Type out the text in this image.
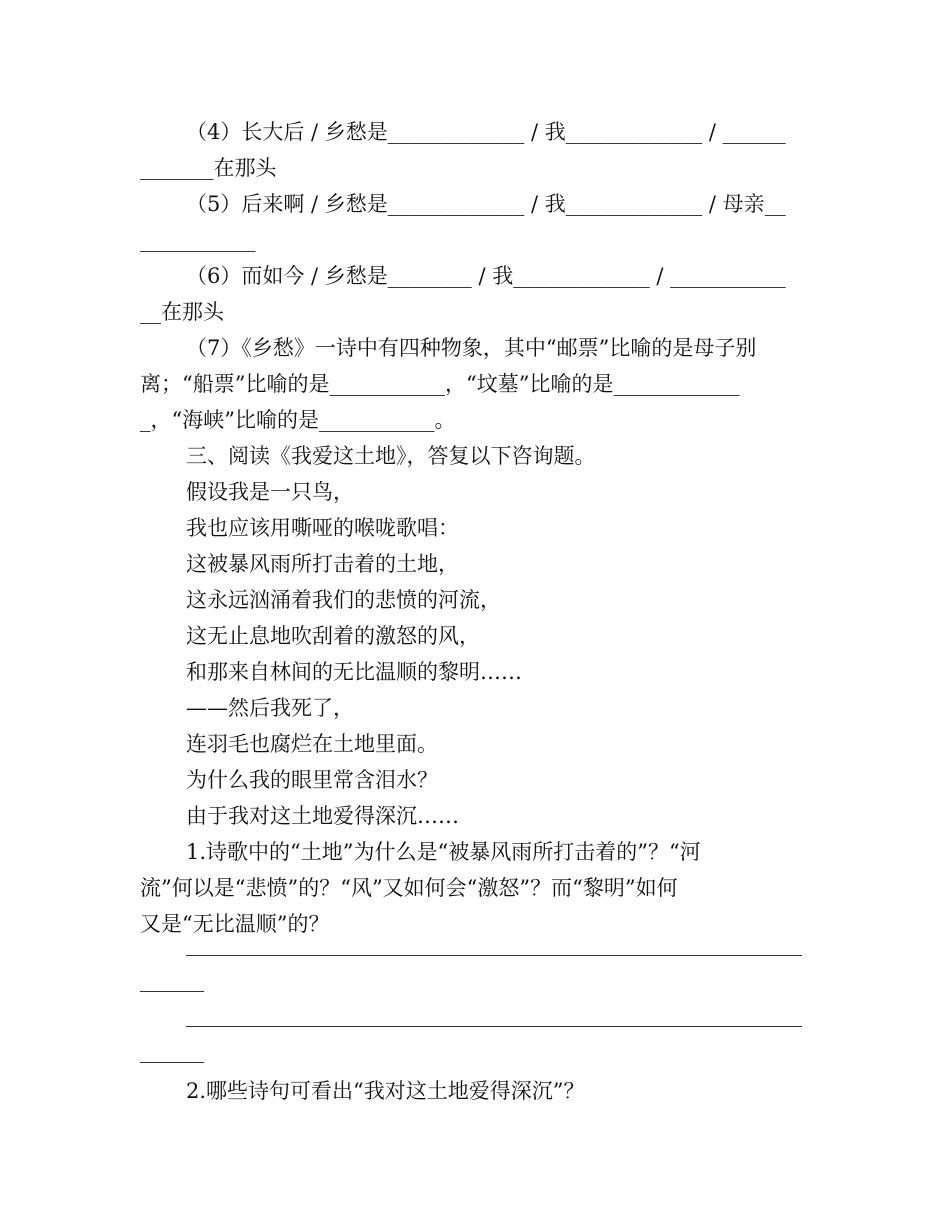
（4）长大后 / 乡愁是_____________ / 我_____________ / ______
_______在那头
（5）后来啊 / 乡愁是_____________ / 我_____________ / 母亲__
___________
（6）而如今 / 乡愁是________ / 我_____________ / ___________
__在那头
（7）《乡愁》一诗中有四种物象，其中“邮票”比喻的是母子别
离；“船票”比喻的是___________，“坟墓”比喻的是____________
_，“海峡”比喻的是___________。
三、阅读《我爱这土地》，答复以下咨询题。
假设我是一只鸟，
我也应该用嘶哑的喉咙歌唱：
这被暴风雨所打击着的土地，
这永远汹涌着我们的悲愤的河流，
这无止息地吹刮着的激怒的风，
和那来自林间的无比温顺的黎明……
——然后我死了，
连羽毛也腐烂在土地里面。
为什么我的眼里常含泪水？
由于我对这土地爱得深沉……
1.诗歌中的“土地”为什么是“被暴风雨所打击着的”？“河
流”何以是“悲愤”的？“风”又如何会“激怒”？而“黎明”如何
又是“无比温顺”的？
2.哪些诗句可看出“我对这土地爱得深沉”？
